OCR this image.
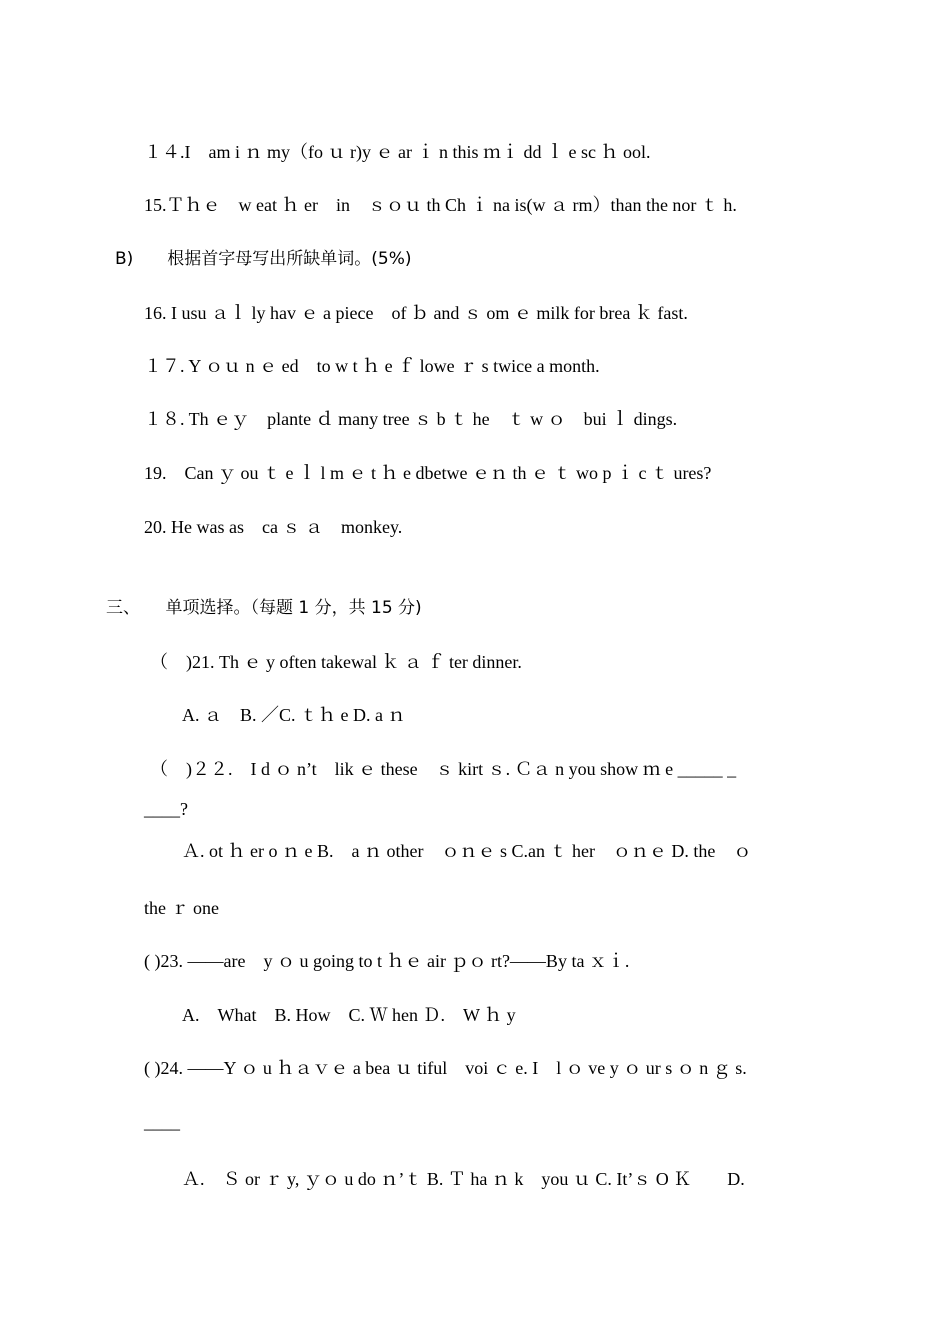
１４.I　am i ｎ my（fo ｕ r)y ｅ ar ｉ n this ｍｉ dd ｌ e sc ｈ ool.
15.Ｔｈｅ　w eat ｈ er　in　ｓｏｕ th Ch ｉ na is(w ａ rm）than the nor ｔ h.
B)　　根据首字母写出所缺单词。(5%)
16. I usu ａｌ ly hav ｅ a piece　of ｂ and ｓ om ｅ milk for brea ｋ fast.
１７. Y ｏｕ n ｅ ed　to w t ｈ e ｆ lowe ｒ s twice a month.
１８. Th ｅｙ　plante ｄ many tree ｓ b ｔ he　ｔ w ｏ　bui ｌ dings.
19.　Can ｙ ou ｔ e ｌ l m ｅ t ｈ e dbetwe ｅｎ th ｅ ｔ wo p ｉ c ｔ ures?
20. He was as　ca ｓ ａ　monkey.
三、　　单项选择。（每题 1 分，共 15 分)
（　)21. Th ｅ y often takewal ｋ ａ ｆ ter dinner.
A. ａ　B. ／C. ｔｈ e D. a ｎ
（　)２２.　I d ｏ n’t　lik ｅ these　ｓ kirt ｓ. Ｃａ n you show ｍ e _____ _
____?
Ａ. ot ｈ er o ｎ e B.　a ｎ other　ｏｎｅ s C.an ｔ her　ｏｎｅ D. the　ｏ
the ｒ one
( )23. ——are　y ｏ u going to t ｈｅ air ｐｏ rt?——By ta ｘｉ.
A.　What　B. How　C. Ｗ hen Ｄ.　W ｈ y
( )24. ——Y ｏ u ｈａｖｅ a bea ｕ tiful　voi ｃ e. I　l ｏ ve y ｏ ur s ｏ n ｇ s.
____
Ａ.　Ｓ or ｒ y, ｙｏ u do ｎ’ｔ B. Ｔ ha ｎ k　you ｕ C. It’ｓ O Ｋ　　D.
